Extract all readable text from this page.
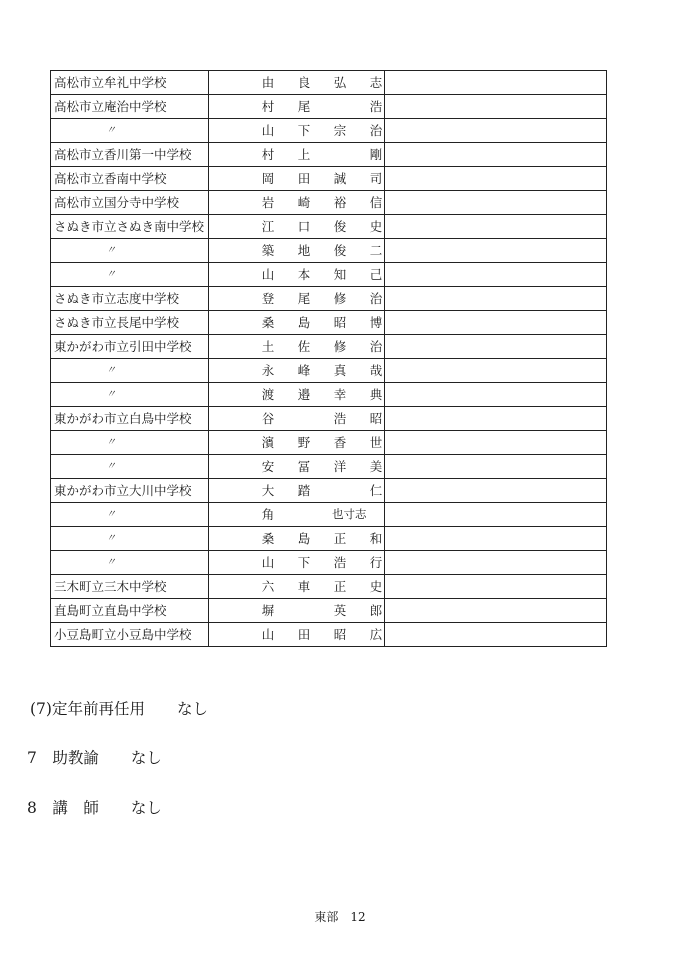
高松市立牟礼中学校	由 良 弘 志	

高松市立庵治中学校	村 尾 浩	

〃	山 下 宗 治	

高松市立香川第一中学校	村 上 剛	

高松市立香南中学校	岡 田 誠 司	

高松市立国分寺中学校	岩 崎 裕 信	

さぬき市立さぬき南中学校	江 口 俊 史	

〃	築 地 俊 二	

〃	山 本 知 己	

さぬき市立志度中学校	登 尾 修 治	

さぬき市立長尾中学校	桑 島 昭 博	

東かがわ市立引田中学校	土 佐 修 治	

〃	永 峰 真 哉	

〃	渡 邉 幸 典	

東かがわ市立白鳥中学校	谷 浩 昭	

〃	濱 野 香 世	

〃	安 冨 洋 美	

東かがわ市立大川中学校	大 踏 仁	

〃	角 也寸志	

〃	桑 島 正 和	

〃	山 下 浩 行	

三木町立三木中学校	六 車 正 史	

直島町立直島中学校	塀 英 郎	

小豆島町立小豆島中学校	山 田 昭 広	

(7)定年前再任用 なし
7　助教諭 なし
8　講　師 なし
東部　12
